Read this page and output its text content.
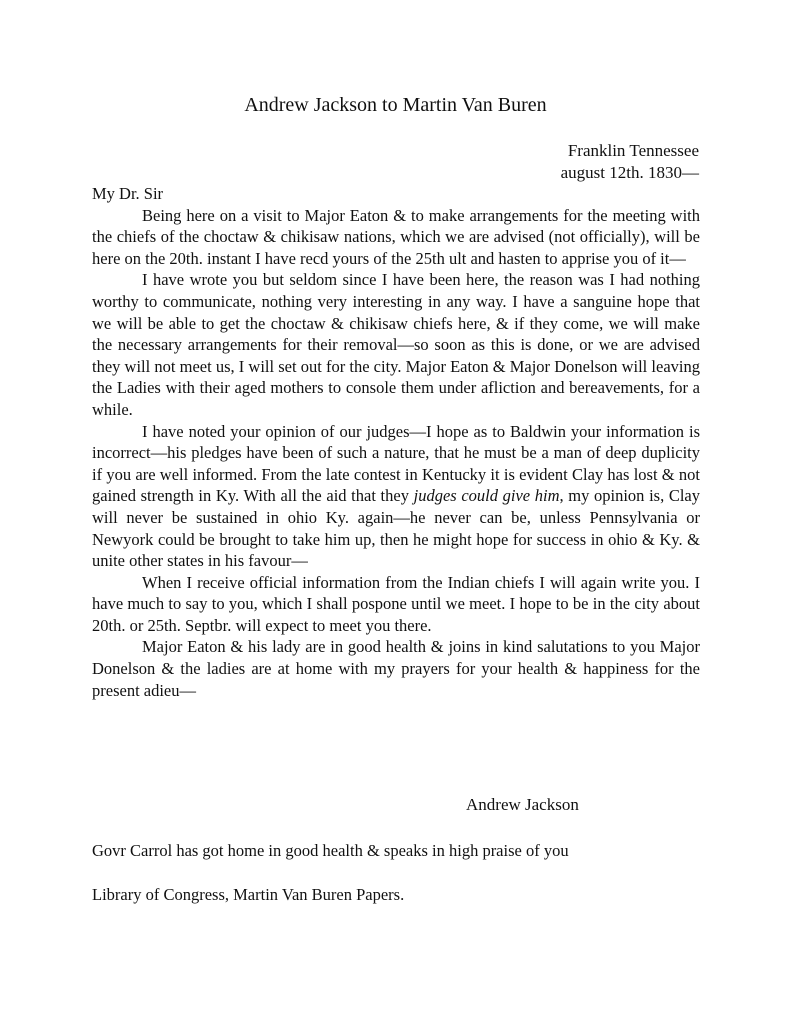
Andrew Jackson to Martin Van Buren
Franklin Tennessee
august 12th. 1830—

My Dr. Sir

Being here on a visit to Major Eaton & to make arrangements for the meeting with the chiefs of the choctaw & chikisaw nations, which we are advised (not officially), will be here on the 20th. instant I have recd yours of the 25th ult and hasten to apprise you of it—

I have wrote you but seldom since I have been here, the reason was I had nothing worthy to communicate, nothing very interesting in any way. I have a sanguine hope that we will be able to get the choctaw & chikisaw chiefs here, & if they come, we will make the necessary arrangements for their removal—so soon as this is done, or we are advised they will not meet us, I will set out for the city. Major Eaton & Major Donelson will leaving the Ladies with their aged mothers to console them under afliction and bereavements, for a while.

I have noted your opinion of our judges—I hope as to Baldwin your information is incorrect—his pledges have been of such a nature, that he must be a man of deep duplicity if you are well informed. From the late contest in Kentucky it is evident Clay has lost & not gained strength in Ky. With all the aid that they judges could give him, my opinion is, Clay will never be sustained in ohio Ky. again—he never can be, unless Pennsylvania or Newyork could be brought to take him up, then he might hope for success in ohio & Ky. & unite other states in his favour—

When I receive official information from the Indian chiefs I will again write you. I have much to say to you, which I shall pospone until we meet. I hope to be in the city about 20th. or 25th. Septbr. will expect to meet you there.

Major Eaton & his lady are in good health & joins in kind salutations to you Major Donelson & the ladies are at home with my prayers for your health & happiness for the present adieu—

Andrew Jackson
Govr Carrol has got home in good health & speaks in high praise of you
Library of Congress, Martin Van Buren Papers.
